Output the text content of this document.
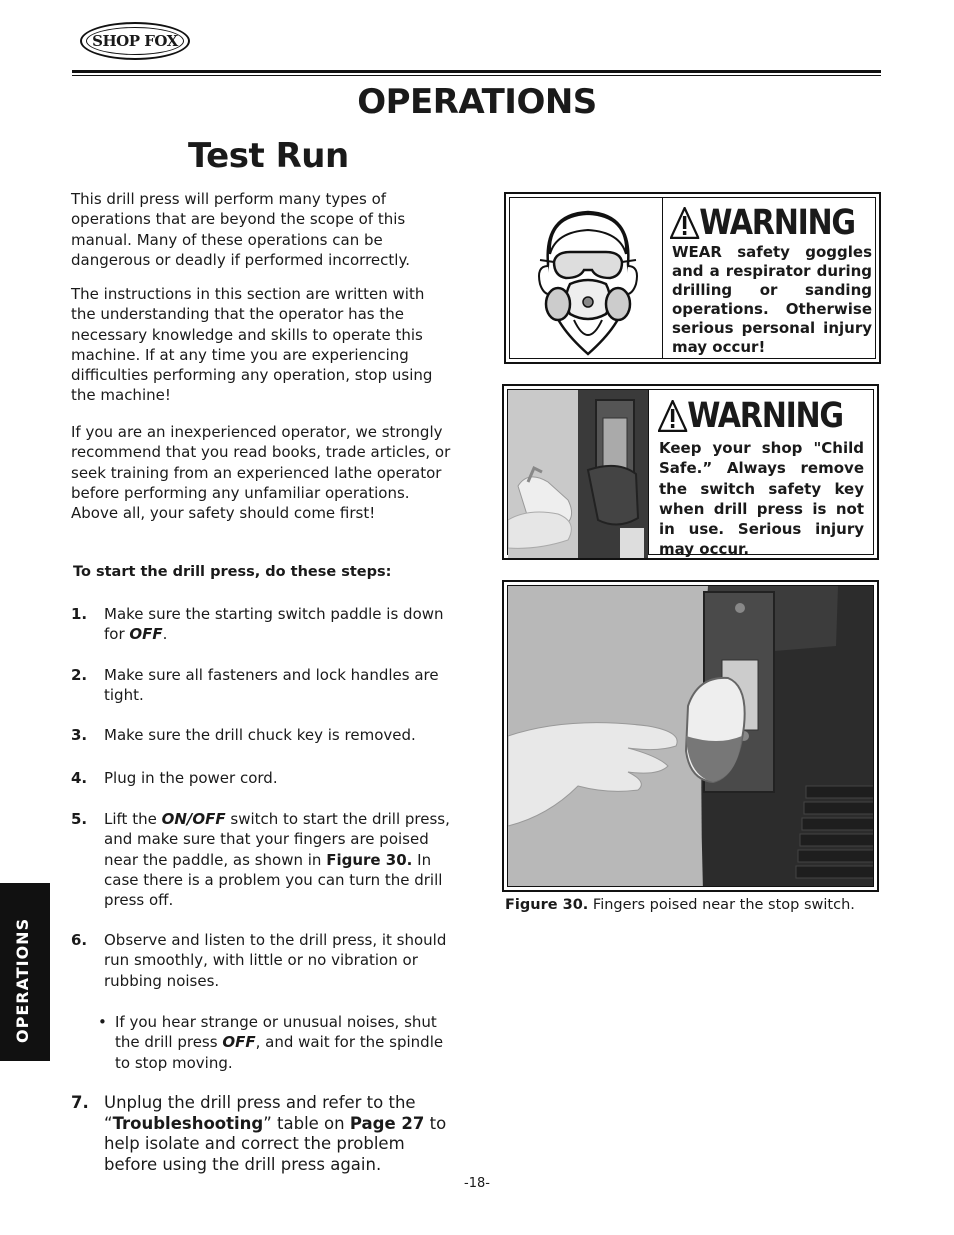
SHOP FOX
OPERATIONS
Test Run
This drill press will perform many types of operations that are beyond the scope of this manual. Many of these operations can be dangerous or deadly if performed incorrectly.
The instructions in this section are written with the understanding that the operator has the necessary knowledge and skills to operate this machine. If at any time you are experiencing difficulties performing any operation, stop using the machine!
If you are an inexperienced operator, we strongly recommend that you read books, trade articles, or seek training from an experienced lathe operator before performing any unfamiliar operations. Above all, your safety should come first!
To start the drill press, do these steps:
1. Make sure the starting switch paddle is down for OFF.
2. Make sure all fasteners and lock handles are tight.
3. Make sure the drill chuck key is removed.
4. Plug in the power cord.
5. Lift the ON/OFF switch to start the drill press, and make sure that your fingers are poised near the paddle, as shown in Figure 30. In case there is a problem you can turn the drill press off.
6. Observe and listen to the drill press, it should run smoothly, with little or no vibration or rubbing noises.
• If you hear strange or unusual noises, shut the drill press OFF, and wait for the spindle to stop moving.
7. Unplug the drill press and refer to the “Troubleshooting” table on Page 27 to help isolate and correct the problem before using the drill press again.
OPERATIONS
-18-
WARNING
WEAR safety goggles and a respirator during drilling or sanding operations. Otherwise serious personal injury may occur!
WARNING
Keep your shop "Child Safe.” Always remove the switch safety key when drill press is not in use. Serious injury may occur.
Figure 30. Fingers poised near the stop switch.
